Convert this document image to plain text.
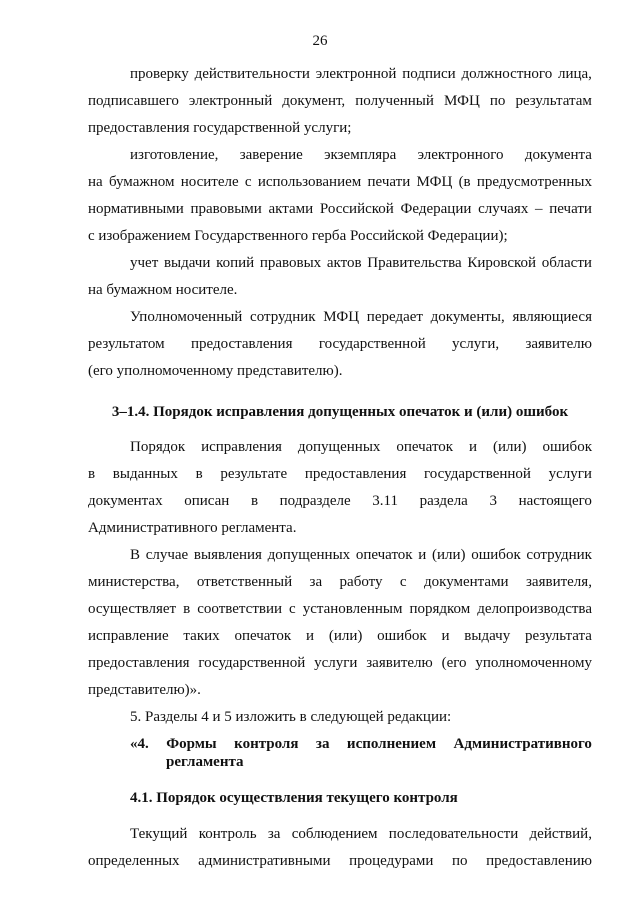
26
проверку действительности электронной подписи должностного лица,
подписавшего электронный документ, полученный МФЦ по результатам
предоставления государственной услуги;
изготовление, заверение экземпляра электронного документа
на бумажном носителе с использованием печати МФЦ (в предусмотренных
нормативными правовыми актами Российской Федерации случаях – печати
с изображением Государственного герба Российской Федерации);
учет выдачи копий правовых актов Правительства Кировской области
на бумажном носителе.
Уполномоченный сотрудник МФЦ передает документы, являющиеся
результатом предоставления государственной услуги, заявителю
(его уполномоченному представителю).
3–1.4. Порядок исправления допущенных опечаток и (или) ошибок
Порядок исправления допущенных опечаток и (или) ошибок
в выданных в результате предоставления государственной услуги
документах описан в подразделе 3.11 раздела 3 настоящего
Административного регламента.
В случае выявления допущенных опечаток и (или) ошибок сотрудник
министерства, ответственный за работу с документами заявителя,
осуществляет в соответствии с установленным порядком делопроизводства
исправление таких опечаток и (или) ошибок и выдачу результата
предоставления государственной услуги заявителю (его уполномоченному
представителю)».
5. Разделы 4 и 5 изложить в следующей редакции:
«4. Формы контроля за исполнением Административного
регламента
4.1. Порядок осуществления текущего контроля
Текущий контроль за соблюдением последовательности действий,
определенных административными процедурами по предоставлению
